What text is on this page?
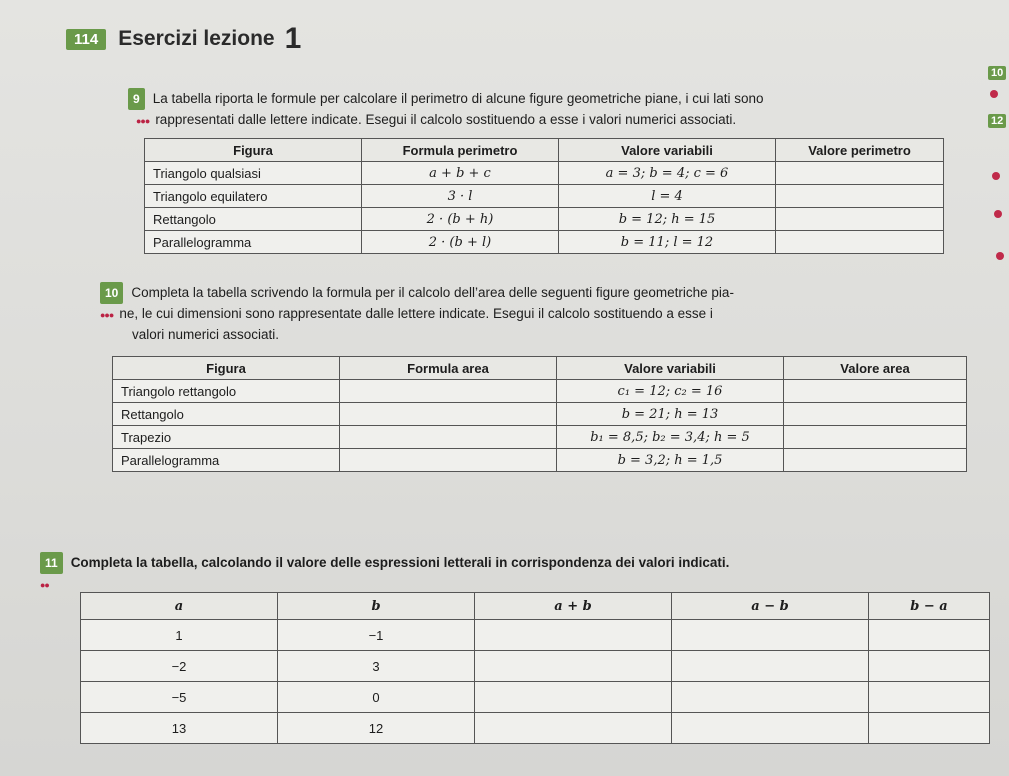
114 Esercizi lezione 1
9 La tabella riporta le formule per calcolare il perimetro di alcune figure geometriche piane, i cui lati sono
●●● rappresentati dalle lettere indicate. Esegui il calcolo sostituendo a esse i valori numerici associati.
Figura	Formula perimetro	Valore variabili	Valore perimetro
Triangolo qualsiasi	a + b + c	a = 3; b = 4; c = 6	
Triangolo equilatero	3 · l	l = 4	
Rettangolo	2 · (b + h)	b = 12; h = 15	
Parallelogramma	2 · (b + l)	b = 11; l = 12	
10 Completa la tabella scrivendo la formula per il calcolo dell’area delle seguenti figure geometriche pia-
●●● ne, le cui dimensioni sono rappresentate dalle lettere indicate. Esegui il calcolo sostituendo a esse i
valori numerici associati.
Figura	Formula area	Valore variabili	Valore area
Triangolo rettangolo		c₁ = 12; c₂ = 16	
Rettangolo		b = 21; h = 13	
Trapezio		b₁ = 8,5; b₂ = 3,4; h = 5	
Parallelogramma		b = 3,2; h = 1,5	
11 Completa la tabella, calcolando il valore delle espressioni letterali in corrispondenza dei valori indicati.
●●
a	b	a + b	a − b	b − a
1	−1			
−2	3			
−5	0			
13	12			
10
12
